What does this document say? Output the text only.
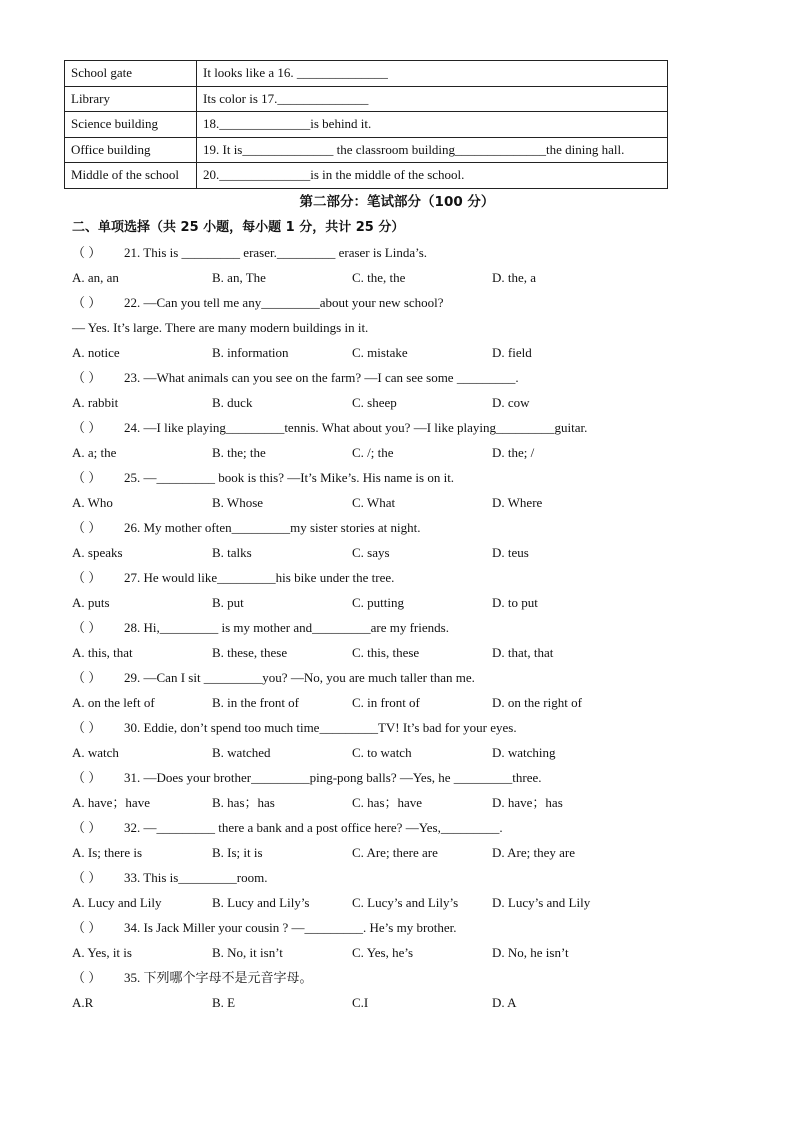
School gate	It looks like a 16. ______________
Library	Its color is 17.______________
Science building	18.______________is behind it.
Office building	19. It is______________ the classroom building______________the dining hall.
Middle of the school	20.______________is in the middle of the school.
第二部分：笔试部分（100 分）
二、单项选择（共 25 小题，每小题 1 分，共计 25 分）
（ ） 21. This is _________ eraser._________ eraser is Linda’s.
A. an, an	B. an, The	C. the, the	D. the, a
（ ） 22. —Can you tell me any_________about your new school?
— Yes. It’s large. There are many modern buildings in it.
A. notice	B. information	C. mistake	D. field
（ ） 23. —What animals can you see on the farm? —I can see some _________.
A. rabbit	B. duck	C. sheep	D. cow
（ ） 24. —I like playing_________tennis. What about you? —I like playing_________guitar.
A. a; the	B. the; the	C. /; the	D. the; /
（ ） 25. —_________ book is this? —It’s Mike’s. His name is on it.
A. Who	B. Whose	C. What	D. Where
（ ） 26. My mother often_________my sister stories at night.
A. speaks	B. talks	C. says	D. teus
（ ） 27. He would like_________his bike under the tree.
A. puts	B. put	C. putting	D. to put
（ ） 28. Hi,_________ is my mother and_________are my friends.
A. this, that	B. these, these	C. this, these	D. that, that
（ ） 29. —Can I sit _________you? —No, you are much taller than me.
A. on the left of	B. in the front of	C. in front of	D. on the right of
（ ） 30. Eddie, don’t spend too much time_________TV! It’s bad for your eyes.
A. watch	B. watched	C. to watch	D. watching
（ ） 31. —Does your brother_________ping-pong balls? —Yes, he _________three.
A. have；have	B. has；has	C. has；have	D. have；has
（ ） 32. —_________ there a bank and a post office here? —Yes,_________.
A. Is; there is	B. Is; it is	C. Are; there are	D. Are; they are
（ ） 33. This is_________room.
A. Lucy and Lily	B. Lucy and Lily’s	C. Lucy’s and Lily’s	D. Lucy’s and Lily
（ ） 34. Is Jack Miller your cousin ? —_________. He’s my brother.
A. Yes, it is	B. No, it isn’t	C. Yes, he’s	D. No, he isn’t
（ ） 35. 下列哪个字母不是元音字母。
A.R	B. E	C.I	D. A
